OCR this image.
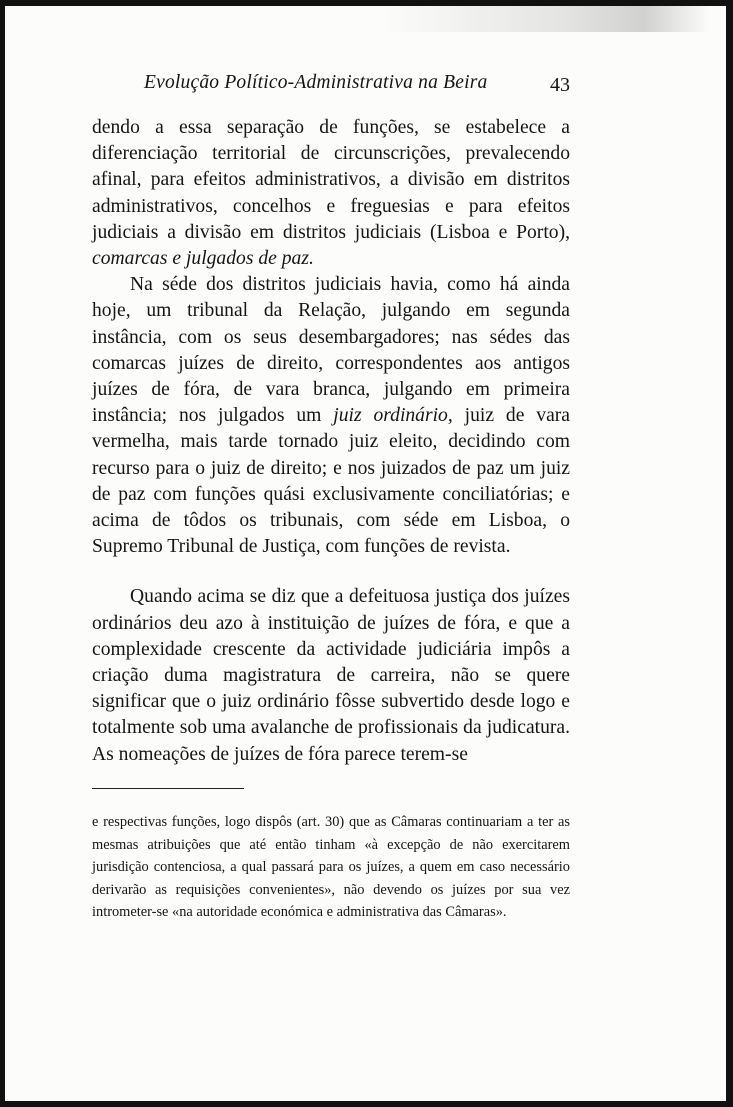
Evolução Político-Administrativa na Beira	43

dendo a essa separação de funções, se estabelece a diferenciação territorial de circunscrições, prevalecendo afinal, para efeitos administrativos, a divisão em distritos administrativos, concelhos e freguesias e para efeitos judiciais a divisão em distritos judiciais (Lisboa e Porto), comarcas e julgados de paz.

Na séde dos distritos judiciais havia, como há ainda hoje, um tribunal da Relação, julgando em segunda instância, com os seus desembargadores; nas sédes das comarcas juízes de direito, correspondentes aos antigos juízes de fóra, de vara branca, julgando em primeira instância; nos julgados um juiz ordinário, juiz de vara vermelha, mais tarde tornado juiz eleito, decidindo com recurso para o juiz de direito; e nos juizados de paz um juiz de paz com funções quási exclusivamente conciliatórias; e acima de tôdos os tribunais, com séde em Lisboa, o Supremo Tribunal de Justiça, com funções de revista.

Quando acima se diz que a defeituosa justiça dos juízes ordinários deu azo à instituição de juízes de fóra, e que a complexidade crescente da actividade judiciária impôs a criação duma magistratura de carreira, não se quere significar que o juiz ordinário fôsse subvertido desde logo e totalmente sob uma avalanche de profissionais da judicatura. As nomeações de juízes de fóra parece terem-se

e respectivas funções, logo dispôs (art. 30) que as Câmaras continuariam a ter as mesmas atribuições que até então tinham «à excepção de não exercitarem jurisdição contenciosa, a qual passará para os juízes, a quem em caso necessário derivarão as requisições convenientes», não devendo os juízes por sua vez intrometer-se «na autoridade económica e administrativa das Câmaras».
